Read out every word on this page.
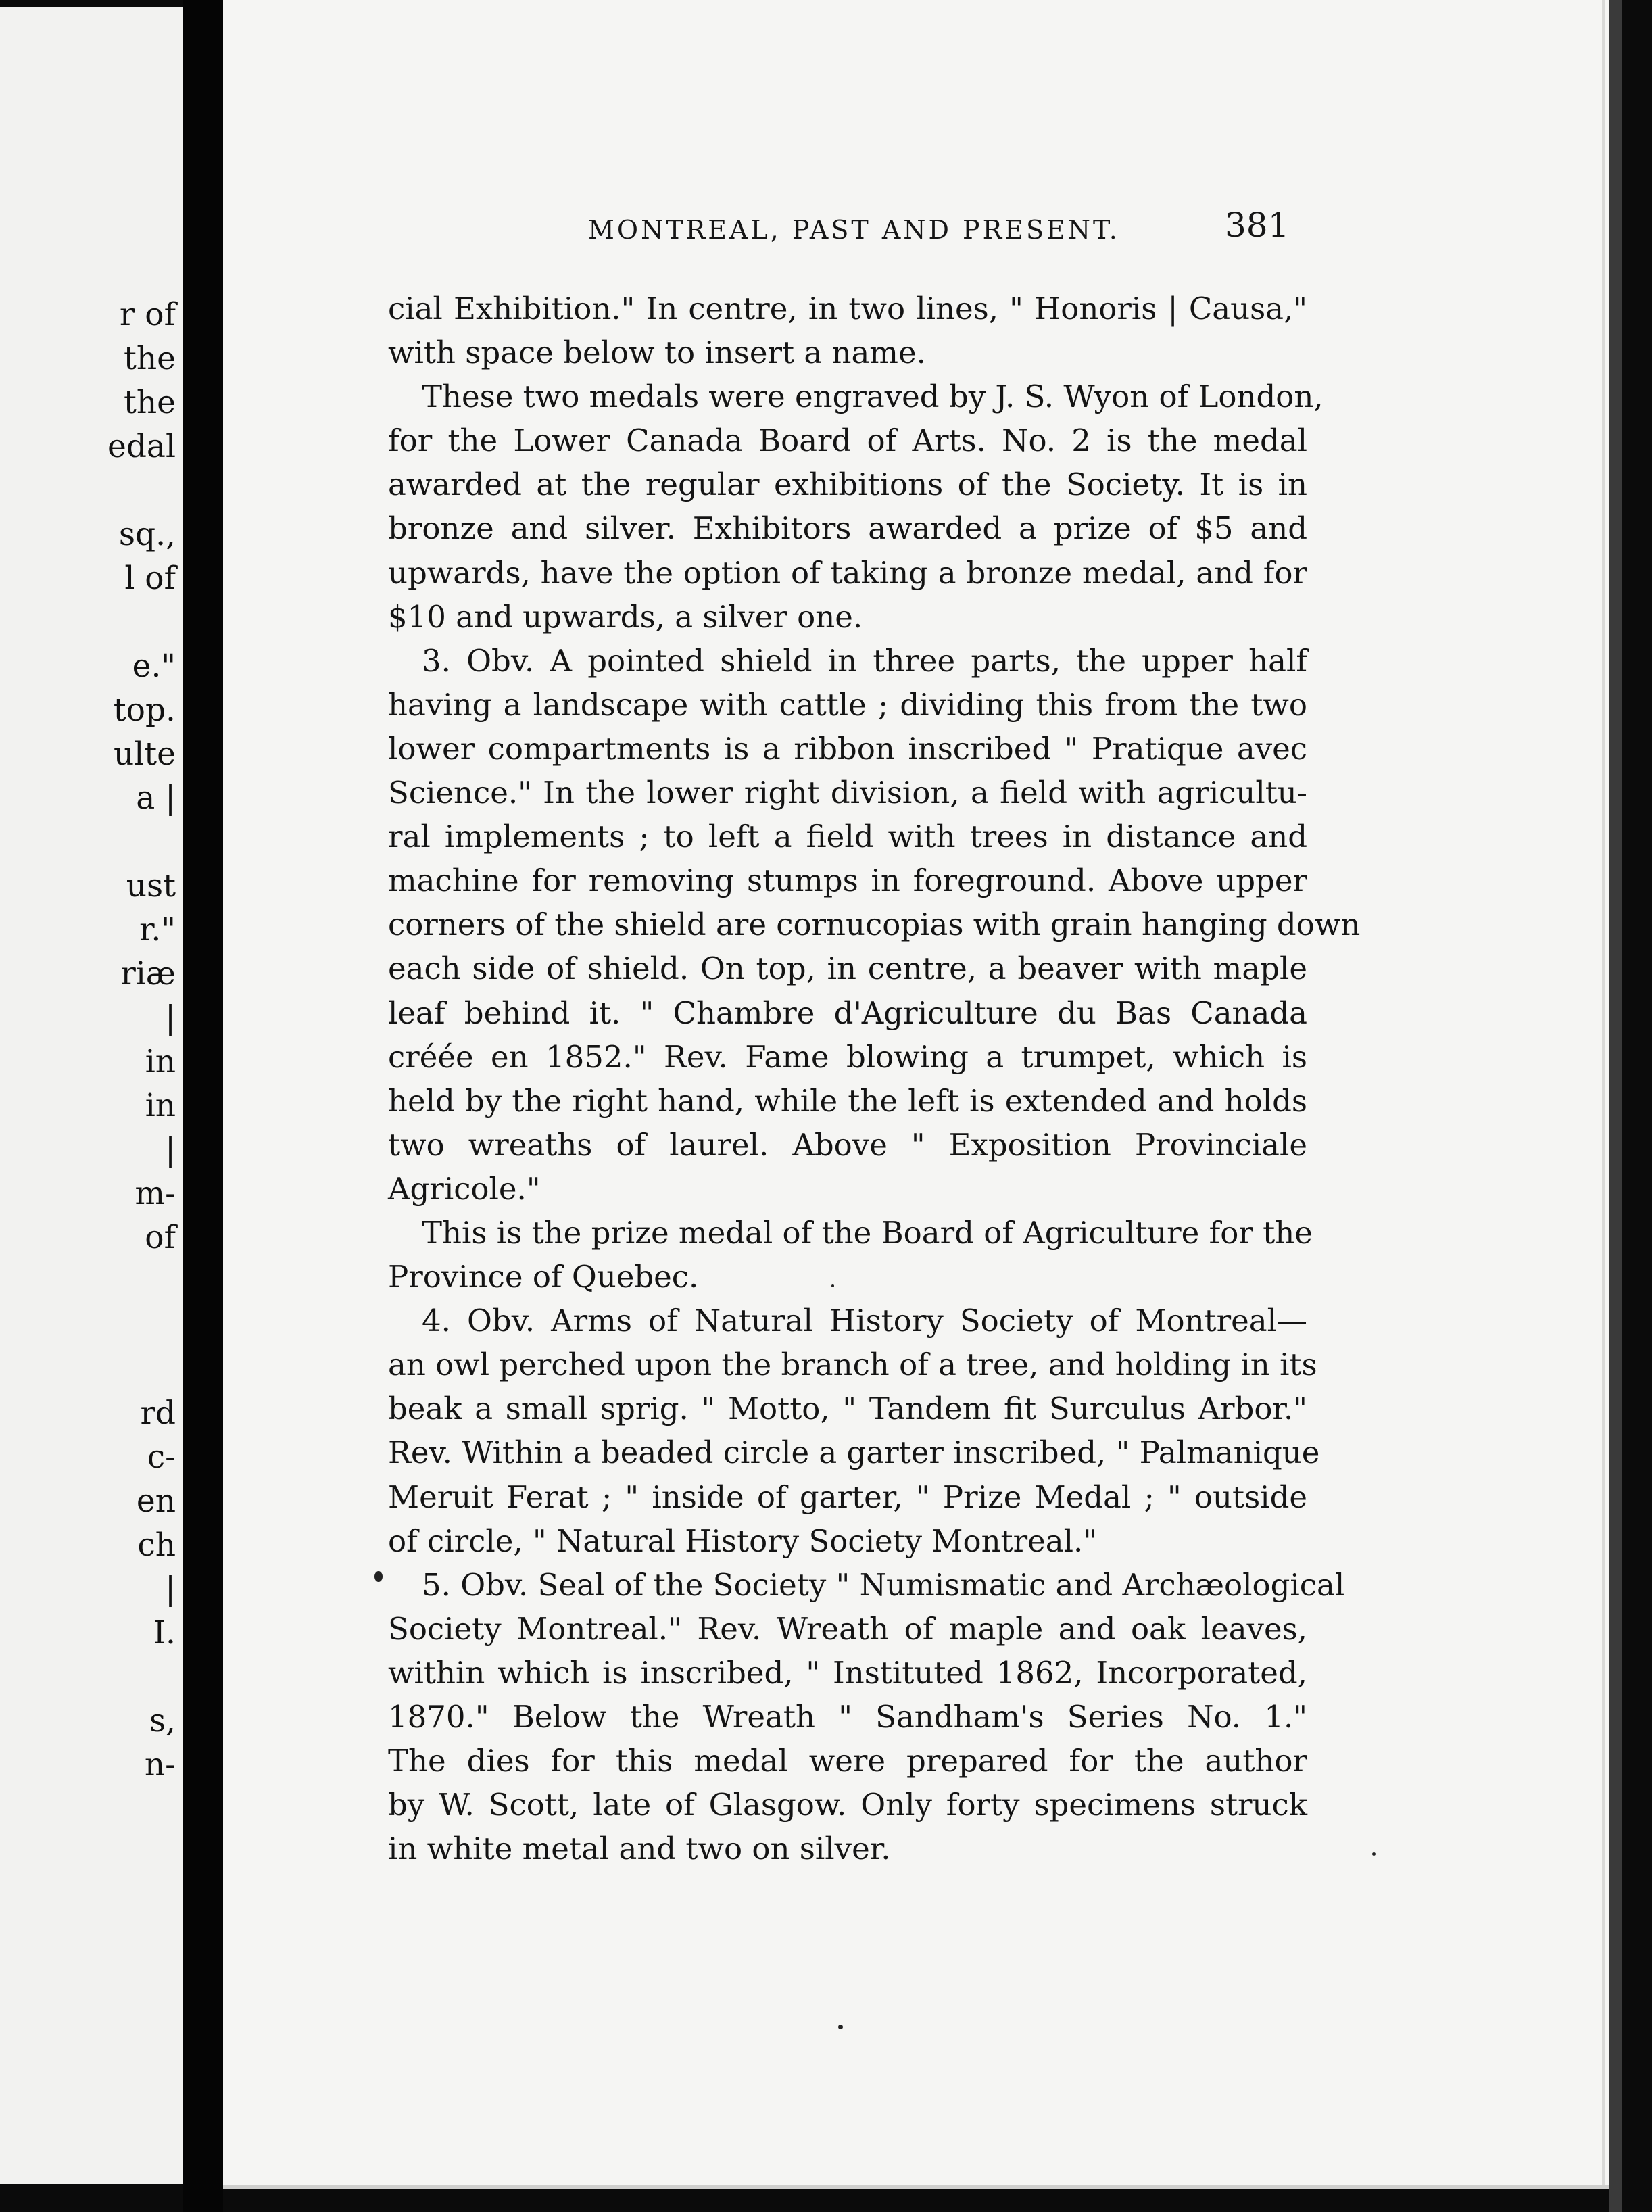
r of
the
the
edal
sq.,
l of
e."
top.
ulte
a |
ust
r."
riæ
|
in
in
|
m-
of
rd
c-
en
ch
|
I.
s,
n-
MONTREAL, PAST AND PRESENT.	381
cial Exhibition." In centre, in two lines, " Honoris | Causa,"
with space below to insert a name.
These two medals were engraved by J. S. Wyon of London,
for the Lower Canada Board of Arts. No. 2 is the medal
awarded at the regular exhibitions of the Society. It is in
bronze and silver. Exhibitors awarded a prize of $5 and
upwards, have the option of taking a bronze medal, and for
$10 and upwards, a silver one.
3. Obv. A pointed shield in three parts, the upper half
having a landscape with cattle ; dividing this from the two
lower compartments is a ribbon inscribed " Pratique avec
Science." In the lower right division, a field with agricultu-
ral implements ; to left a field with trees in distance and
machine for removing stumps in foreground. Above upper
corners of the shield are cornucopias with grain hanging down
each side of shield. On top, in centre, a beaver with maple
leaf behind it. " Chambre d'Agriculture du Bas Canada
créée en 1852." Rev. Fame blowing a trumpet, which is
held by the right hand, while the left is extended and holds
two wreaths of laurel. Above " Exposition Provinciale
Agricole."
This is the prize medal of the Board of Agriculture for the
Province of Quebec.
4. Obv. Arms of Natural History Society of Montreal—
an owl perched upon the branch of a tree, and holding in its
beak a small sprig. " Motto, " Tandem fit Surculus Arbor."
Rev. Within a beaded circle a garter inscribed, " Palmanique
Meruit Ferat ; " inside of garter, " Prize Medal ; " outside
of circle, " Natural History Society Montreal."
5. Obv. Seal of the Society " Numismatic and Archæological
Society Montreal." Rev. Wreath of maple and oak leaves,
within which is inscribed, " Instituted 1862, Incorporated,
1870." Below the Wreath " Sandham's Series No. 1."
The dies for this medal were prepared for the author
by W. Scott, late of Glasgow. Only forty specimens struck
in white metal and two on silver.
